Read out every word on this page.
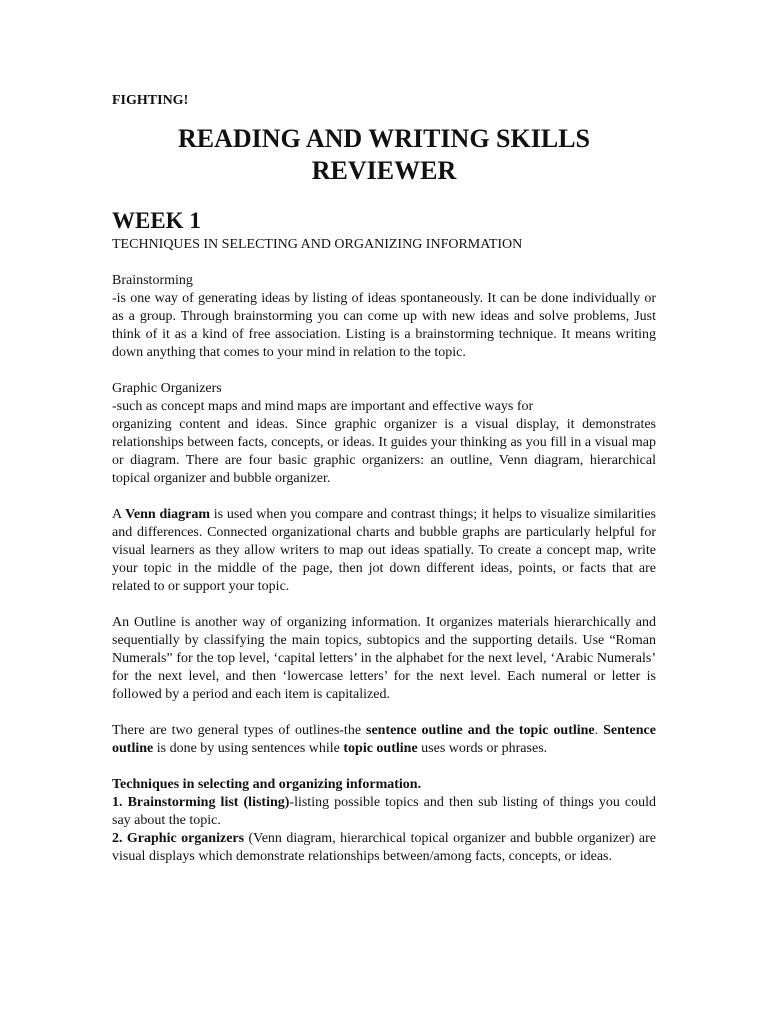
FIGHTING!

READING AND WRITING SKILLS
REVIEWER

WEEK 1

TECHNIQUES IN SELECTING AND ORGANIZING INFORMATION

Brainstorming

-is one way of generating ideas by listing of ideas spontaneously. It can be done individually or as a group. Through brainstorming you can come up with new ideas and solve problems, Just think of it as a kind of free association. Listing is a brainstorming technique. It means writing down anything that comes to your mind in relation to the topic.

Graphic Organizers

-such as concept maps and mind maps are important and effective ways for

organizing content and ideas. Since graphic organizer is a visual display, it demonstrates relationships between facts, concepts, or ideas. It guides your thinking as you fill in a visual map or diagram. There are four basic graphic organizers: an outline, Venn diagram, hierarchical topical organizer and bubble organizer.

A Venn diagram is used when you compare and contrast things; it helps to visualize similarities and differences. Connected organizational charts and bubble graphs are particularly helpful for visual learners as they allow writers to map out ideas spatially. To create a concept map, write your topic in the middle of the page, then jot down different ideas, points, or facts that are related to or support your topic.

An Outline is another way of organizing information. It organizes materials hierarchically and sequentially by classifying the main topics, subtopics and the supporting details. Use “Roman Numerals” for the top level, ‘capital letters’ in the alphabet for the next level, ‘Arabic Numerals’ for the next level, and then ‘lowercase letters’ for the next level. Each numeral or letter is followed by a period and each item is capitalized.

There are two general types of outlines-the sentence outline and the topic outline. Sentence outline is done by using sentences while topic outline uses words or phrases.

Techniques in selecting and organizing information.

1. Brainstorming list (listing)-listing possible topics and then sub listing of things you could say about the topic.

2. Graphic organizers (Venn diagram, hierarchical topical organizer and bubble organizer) are visual displays which demonstrate relationships between/among facts, concepts, or ideas.
